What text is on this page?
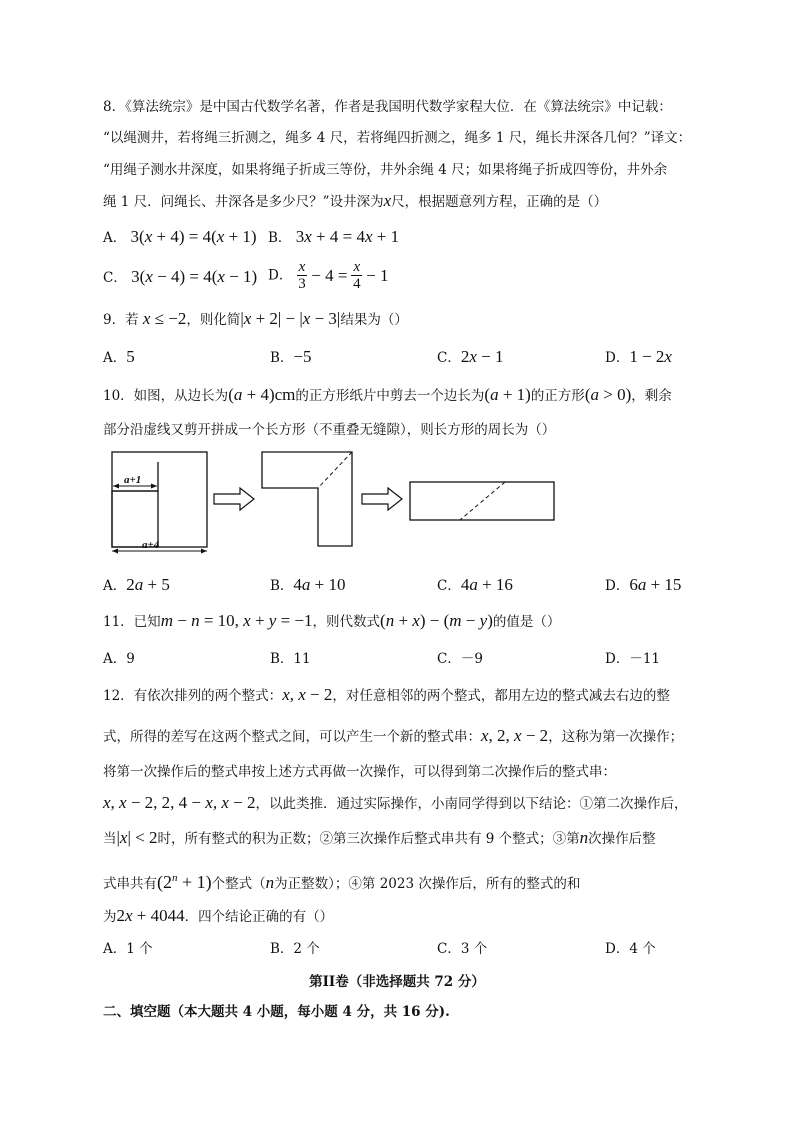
8．《算法统宗》是中国古代数学名著，作者是我国明代数学家程大位．在《算法统宗》中记载：
“以绳测井，若将绳三折测之，绳多 4 尺，若将绳四折测之，绳多 1 尺，绳长井深各几何？”译文：
“用绳子测水井深度，如果将绳子折成三等份，井外余绳 4 尺；如果将绳子折成四等份，井外余
绳 1 尺．问绳长、井深各是多少尺？”设井深为x尺，根据题意列方程，正确的是（）
A． 3(x + 4) = 4(x + 1) B． 3x + 4 = 4x + 1
C． 3(x − 4) = 4(x − 1) D．
x
$3 - 4 = \frac{x}{4} - 1$
9．若 x ≤ −2，则化简|x + 2| − |x − 3|结果为（）
A．5	B．−5	C．2x − 1	D．1 − 2x
10．如图，从边长为(a + 4)cm的正方形纸片中剪去一个边长为(a + 1)的正方形(a > 0)，剩余
部分沿虚线又剪开拼成一个长方形（不重叠无缝隙），则长方形的周长为（）
a+1
a+4
A．2a + 5	B．4a + 10	C．4a + 16	D．6a + 15
11．已知m − n = 10, x + y = −1，则代数式(n + x) − (m − y)的值是（）
A．9	B．11	C．－9	D．－11
12．有依次排列的两个整式：x, x − 2，对任意相邻的两个整式，都用左边的整式减去右边的整
式，所得的差写在这两个整式之间，可以产生一个新的整式串：x, 2, x − 2，这称为第一次操作；
将第一次操作后的整式串按上述方式再做一次操作，可以得到第二次操作后的整式串：
x, x − 2, 2, 4 − x, x − 2，以此类推．通过实际操作，小南同学得到以下结论：①第二次操作后，
当|x| < 2时，所有整式的积为正数；②第三次操作后整式串共有 9 个整式；③第n次操作后整
式串共有$(2^n + 1)$个整式（n为正整数）；④第 2023 次操作后，所有的整式的和
为2x + 4044．四个结论正确的有（）
A．1 个	B．2 个	C．3 个	D．4 个
第II卷（非选择题共 72 分）
二、填空题（本大题共 4 小题，每小题 4 分，共 16 分).
